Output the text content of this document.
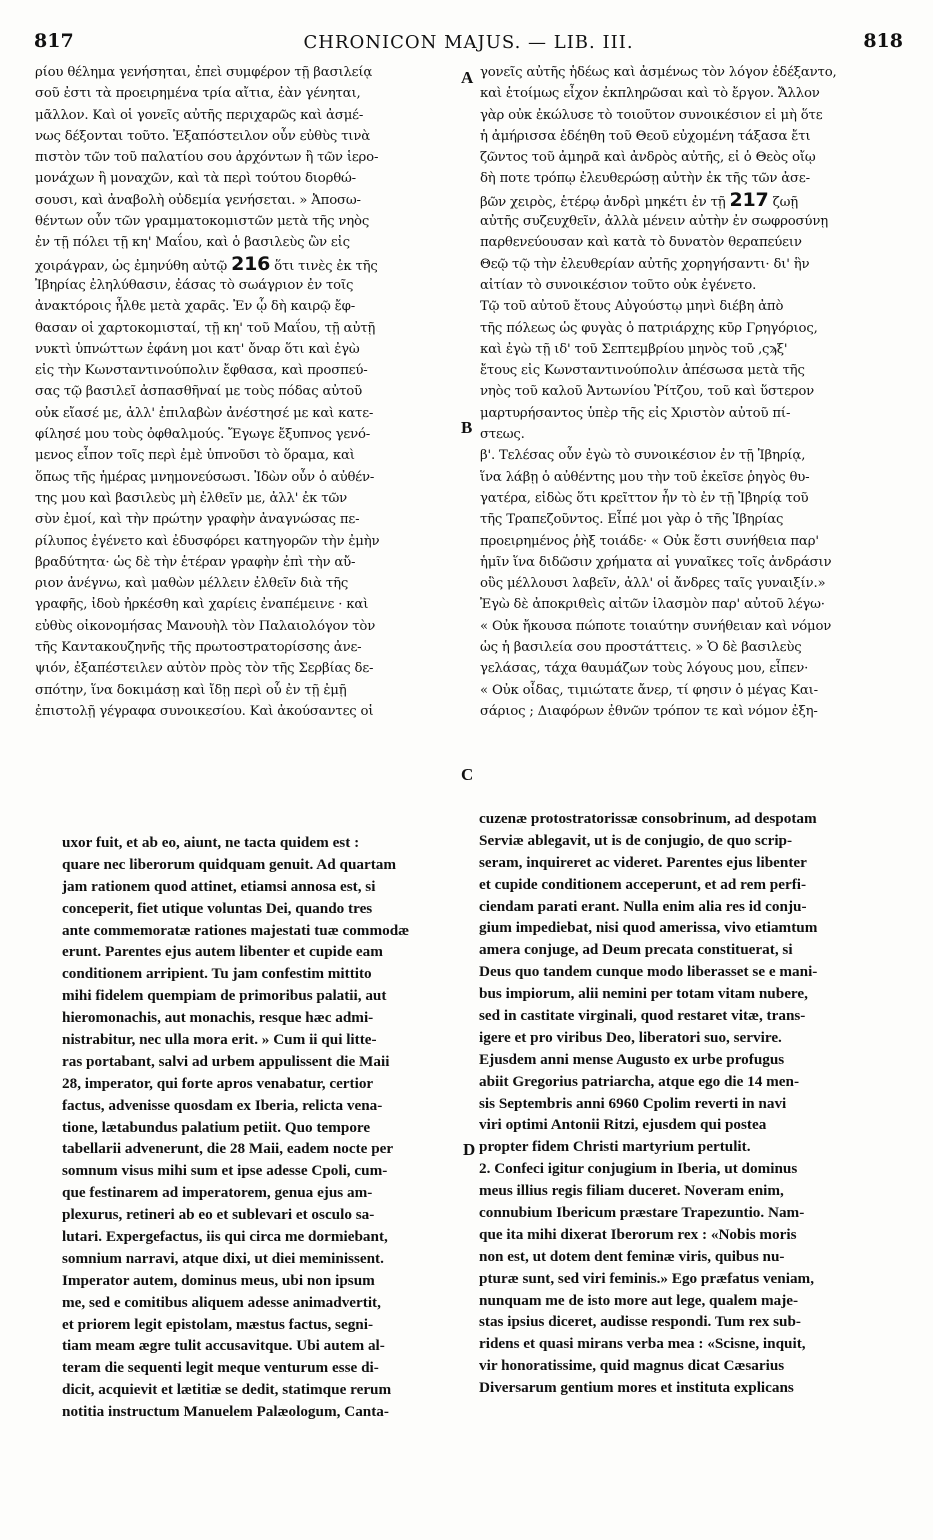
817	CHRONICON MAJUS. — LIB. III.	818
ρίου θέλημα γενήσηται, ἐπεὶ συμφέρον τῇ βασιλείᾳ
σοῦ ἐστι τὰ προειρημένα τρία αἴτια, ἐὰν γένηται,
μᾶλλον. Καὶ οἱ γονεῖς αὐτῆς περιχαρῶς καὶ ἀσμέ-
νως δέξονται τοῦτο. Ἐξαπόστειλον οὖν εὐθὺς τινὰ
πιστὸν τῶν τοῦ παλατίου σου ἀρχόντων ἢ τῶν ἱερο-
μονάχων ἢ μοναχῶν, καὶ τὰ περὶ τούτου διορθώ-
σουσι, καὶ ἀναβολὴ οὐδεμία γενήσεται. » Ἀποσω-
θέντων οὖν τῶν γραμματοκομιστῶν μετὰ τῆς νηὸς
ἐν τῇ πόλει τῇ κη' Μαΐου, καὶ ὁ βασιλεὺς ὢν εἰς
χοιράγραν, ὡς ἐμηνύθη αὐτῷ 216 ὅτι τινὲς ἐκ τῆς
Ἰβηρίας ἐληλύθασιν, ἐάσας τὸ σωάγριον ἐν τοῖς
ἀνακτόροις ἦλθε μετὰ χαρᾶς. Ἐν ᾧ δὴ καιρῷ ἔφ-
θασαν οἱ χαρτοκομισταί, τῇ κη' τοῦ Μαΐου, τῇ αὐτῇ
νυκτὶ ὑπνώττων ἐφάνη μοι κατ' ὄναρ ὅτι καὶ ἐγὼ
εἰς τὴν Κωνσταντινούπολιν ἔφθασα, καὶ προσπεύ-
σας τῷ βασιλεῖ ἀσπασθῆναί με τοὺς πόδας αὐτοῦ
οὐκ εἴασέ με, ἀλλ' ἐπιλαβὼν ἀνέστησέ με καὶ κατε-
φίλησέ μου τοὺς ὀφθαλμούς. Ἔγωγε ἔξυπνος γενό-
μενος εἶπον τοῖς περὶ ἐμὲ ὑπνοῦσι τὸ ὅραμα, καὶ
ὅπως τῆς ἡμέρας μνημονεύσωσι. Ἰδὼν οὖν ὁ αὐθέν-
της μου καὶ βασιλεὺς μὴ ἐλθεῖν με, ἀλλ' ἐκ τῶν
σὺν ἐμοί, καὶ τὴν πρώτην γραφὴν ἀναγνώσας πε-
ρίλυπος ἐγένετο καὶ ἐδυσφόρει κατηγορῶν τὴν ἐμὴν
βραδύτητα· ὡς δὲ τὴν ἑτέραν γραφὴν ἐπὶ τὴν αὔ-
ριον ἀνέγνω, καὶ μαθὼν μέλλειν ἐλθεῖν διὰ τῆς
γραφῆς, ἰδοὺ ἠρκέσθη καὶ χαρίεις ἐναπέμεινε · καὶ
εὐθὺς οἰκονομήσας Μανουὴλ τὸν Παλαιολόγον τὸν
τῆς Καντακουζηνῆς τῆς πρωτοστρατορίσσης ἀνε-
ψιόν, ἐξαπέστειλεν αὐτὸν πρὸς τὸν τῆς Σερβίας δε-
σπότην, ἵνα δοκιμάσῃ καὶ ἴδῃ περὶ οὗ ἐν τῇ ἐμῇ
ἐπιστολῇ γέγραφα συνοικεσίου. Καὶ ἀκούσαντες οἱ
A
B
C
D
γονεῖς αὐτῆς ἡδέως καὶ ἀσμένως τὸν λόγον ἐδέξαντο,
καὶ ἑτοίμως εἶχον ἐκπληρῶσαι καὶ τὸ ἔργον. Ἄλλον
γὰρ οὐκ ἐκώλυσε τὸ τοιοῦτον συνοικέσιον εἰ μὴ ὅτε
ἡ ἀμήρισσα ἐδέηθη τοῦ Θεοῦ εὐχομένη τάξασα ἔτι
ζῶντος τοῦ ἀμηρᾶ καὶ ἀνδρὸς αὐτῆς, εἰ ὁ Θεὸς οἴῳ
δὴ ποτε τρόπῳ ἐλευθερώσῃ αὐτὴν ἐκ τῆς τῶν ἀσε-
βῶν χειρὸς, ἑτέρῳ ἀνδρὶ μηκέτι ἐν τῇ 217 ζωῇ
αὐτῆς συζευχθεῖν, ἀλλὰ μένειν αὐτὴν ἐν σωφροσύνῃ
παρθενεύουσαν καὶ κατὰ τὸ δυνατὸν θεραπεύειν
Θεῷ τῷ τὴν ἐλευθερίαν αὐτῆς χορηγήσαντι· δι' ἣν
αἰτίαν τὸ συνοικέσιον τοῦτο οὐκ ἐγένετο.
Τῷ τοῦ αὐτοῦ ἔτους Αὐγούστῳ μηνὶ διέβη ἀπὸ
τῆς πόλεως ὡς φυγὰς ὁ πατριάρχης κῦρ Γρηγόριος,
καὶ ἐγὼ τῇ ιδ' τοῦ Σεπτεμβρίου μηνὸς τοῦ ‚ςϡξ'
ἔτους εἰς Κωνσταντινούπολιν ἀπέσωσα μετὰ τῆς
νηὸς τοῦ καλοῦ Ἀντωνίου Ῥίτζου, τοῦ καὶ ὕστερον
μαρτυρήσαντος ὑπὲρ τῆς εἰς Χριστὸν αὐτοῦ πί-
στεως.
β'. Τελέσας οὖν ἐγὼ τὸ συνοικέσιον ἐν τῇ Ἰβηρίᾳ,
ἵνα λάβῃ ὁ αὐθέντης μου τὴν τοῦ ἐκεῖσε ῥηγὸς θυ-
γατέρα, εἰδὼς ὅτι κρεῖττον ἦν τὸ ἐν τῇ Ἰβηρίᾳ τοῦ
τῆς Τραπεζοῦντος. Εἶπέ μοι γὰρ ὁ τῆς Ἰβηρίας
προειρημένος ῥὴξ τοιάδε· « Οὐκ ἔστι συνήθεια παρ'
ἡμῖν ἵνα διδῶσιν χρήματα αἱ γυναῖκες τοῖς ἀνδράσιν
οὓς μέλλουσι λαβεῖν, ἀλλ' οἱ ἄνδρες ταῖς γυναιξίν.»
Ἐγὼ δὲ ἀποκριθεὶς αἰτῶν ἱλασμὸν παρ' αὐτοῦ λέγω·
« Οὐκ ἤκουσα πώποτε τοιαύτην συνήθειαν καὶ νόμον
ὡς ἡ βασιλεία σου προστάττεις. » Ὁ δὲ βασιλεὺς
γελάσας, τάχα θαυμάζων τοὺς λόγους μου, εἶπεν·
« Οὐκ οἶδας, τιμιώτατε ἄνερ, τί φησιν ὁ μέγας Και-
σάριος ; Διαφόρων ἐθνῶν τρόπον τε καὶ νόμον ἐξη-
uxor fuit, et ab eo, aiunt, ne tacta quidem est :
quare nec liberorum quidquam genuit. Ad quartam
jam rationem quod attinet, etiamsi annosa est, si
conceperit, fiet utique voluntas Dei, quando tres
ante commemoratæ rationes majestati tuæ commodæ
erunt. Parentes ejus autem libenter et cupide eam
conditionem arripient. Tu jam confestim mittito
mihi fidelem quempiam de primoribus palatii, aut
hieromonachis, aut monachis, resque hæc admi-
nistrabitur, nec ulla mora erit. » Cum ii qui litte-
ras portabant, salvi ad urbem appulissent die Maii
28, imperator, qui forte apros venabatur, certior
factus, advenisse quosdam ex Iberia, relicta vena-
tione, lætabundus palatium petiit. Quo tempore
tabellarii advenerunt, die 28 Maii, eadem nocte per
somnum visus mihi sum et ipse adesse Cpoli, cum-
que festinarem ad imperatorem, genua ejus am-
plexurus, retineri ab eo et sublevari et osculo sa-
lutari. Expergefactus, iis qui circa me dormiebant,
somnium narravi, atque dixi, ut diei meminissent.
Imperator autem, dominus meus, ubi non ipsum
me, sed e comitibus aliquem adesse animadvertit,
et priorem legit epistolam, mæstus factus, segni-
tiam meam ægre tulit accusavitque. Ubi autem al-
teram die sequenti legit meque venturum esse di-
dicit, acquievit et lætitiæ se dedit, statimque rerum
notitia instructum Manuelem Palæologum, Canta-
cuzenæ protostratorissæ consobrinum, ad despotam
Serviæ ablegavit, ut is de conjugio, de quo scrip-
seram, inquireret ac videret. Parentes ejus libenter
et cupide conditionem acceperunt, et ad rem perfi-
ciendam parati erant. Nulla enim alia res id conju-
gium impediebat, nisi quod amerissa, vivo etiamtum
amera conjuge, ad Deum precata constituerat, si
Deus quo tandem cunque modo liberasset se e mani-
bus impiorum, alii nemini per totam vitam nubere,
sed in castitate virginali, quod restaret vitæ, trans-
igere et pro viribus Deo, liberatori suo, servire.
Ejusdem anni mense Augusto ex urbe profugus
abiit Gregorius patriarcha, atque ego die 14 men-
sis Septembris anni 6960 Cpolim reverti in navi
viri optimi Antonii Ritzi, ejusdem qui postea
propter fidem Christi martyrium pertulit.
2. Confeci igitur conjugium in Iberia, ut dominus
meus illius regis filiam duceret. Noveram enim,
connubium Ibericum præstare Trapezuntio. Nam-
que ita mihi dixerat Iberorum rex : «Nobis moris
non est, ut dotem dent feminæ viris, quibus nu-
pturæ sunt, sed viri feminis.» Ego præfatus veniam,
nunquam me de isto more aut lege, qualem maje-
stas ipsius diceret, audisse respondi. Tum rex sub-
ridens et quasi mirans verba mea : «Scisne, inquit,
vir honoratissime, quid magnus dicat Cæsarius
Diversarum gentium mores et instituta explicans
